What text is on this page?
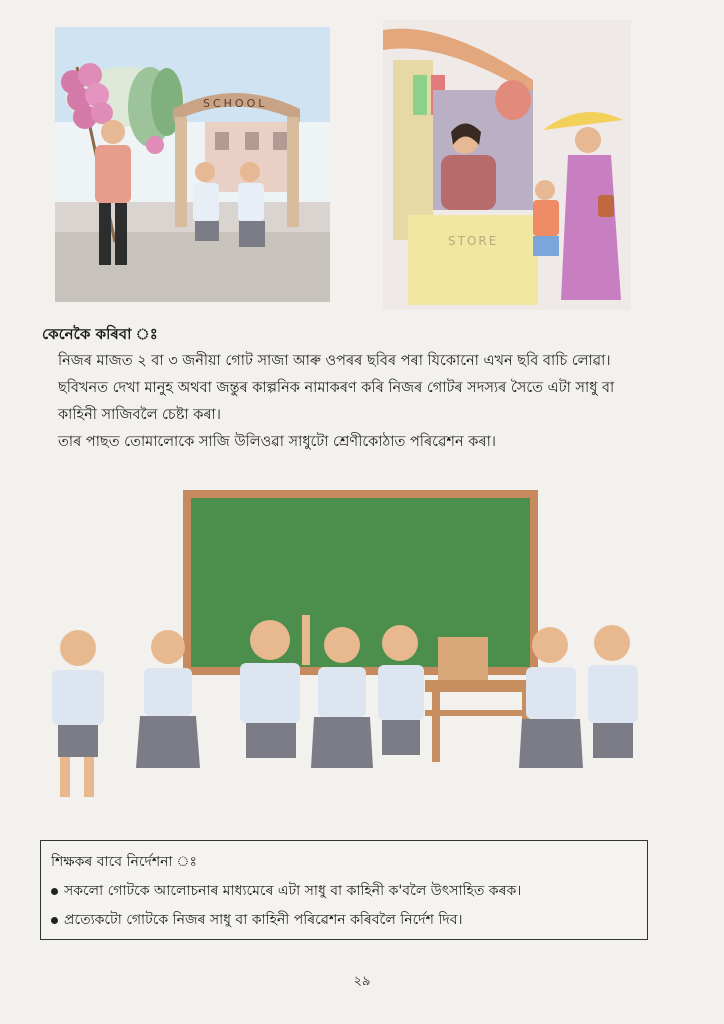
SCHOOL
STORE
কেনেকৈ কৰিবা ঃ

নিজৰ মাজত ২ বা ৩ জনীয়া গোট সাজা আৰু ওপৰৰ ছবিৰ পৰা যিকোনো এখন ছবি বাচি লোৱা।

ছবিখনত দেখা মানুহ অথবা জন্তুৰ কাল্পনিক নামাকৰণ কৰি নিজৰ গোটৰ সদস্যৰ সৈতে এটা সাধু বা

কাহিনী সাজিবলৈ চেষ্টা কৰা।

তাৰ পাছত তোমালোকে সাজি উলিওৱা সাধুটো শ্ৰেণীকোঠাত পৰিৱেশন কৰা।

শিক্ষকৰ বাবে নিৰ্দেশনা ঃ

সকলো গোটকে আলোচনাৰ মাধ্যমেৰে এটা সাধু বা কাহিনী ক'বলৈ উৎসাহিত কৰক।

প্ৰত্যেকটো গোটকে নিজৰ সাধু বা কাহিনী পৰিৱেশন কৰিবলৈ নিৰ্দেশ দিব।

২৯
